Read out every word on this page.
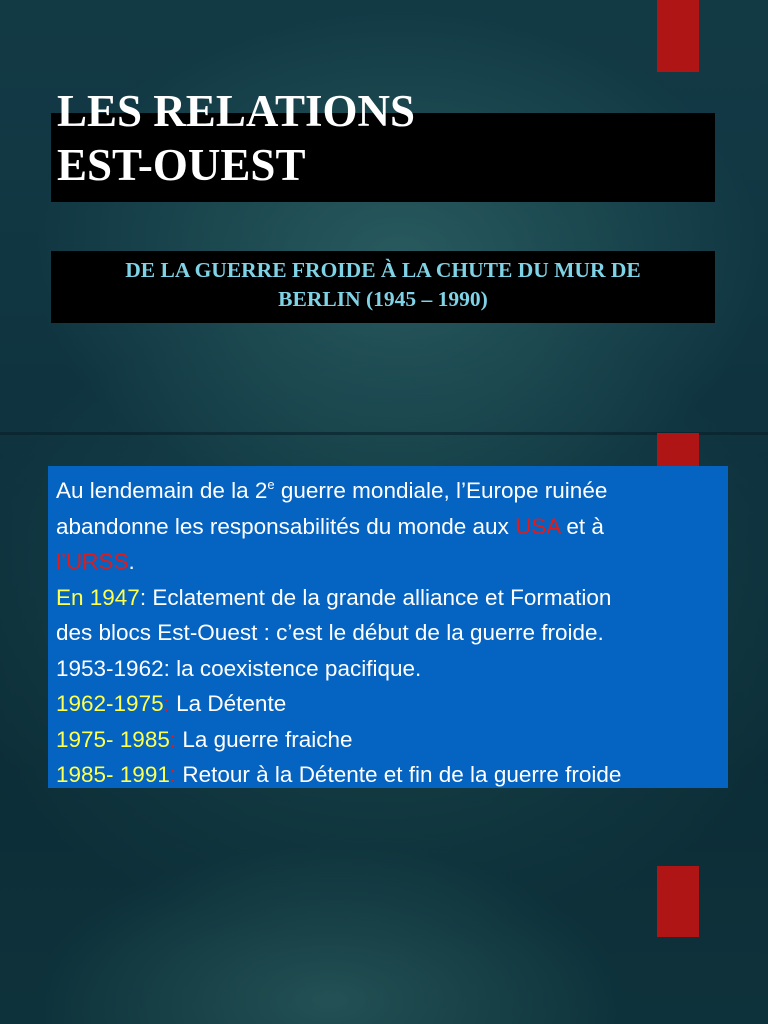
LES RELATIONS
EST-OUEST
DE LA GUERRE FROIDE À LA CHUTE DU MUR DE
BERLIN (1945 – 1990)
Au lendemain de la 2e guerre mondiale, l’Europe ruinée
abandonne les responsabilités du monde aux USA et à
l’URSS.
En 1947: Eclatement de la grande alliance et Formation
des blocs Est-Ouest : c’est le début de la guerre froide.
1953-1962: la coexistence pacifique.
1962-1975: La Détente
1975- 1985: La guerre fraiche
1985- 1991: Retour à la Détente et fin de la guerre froide
